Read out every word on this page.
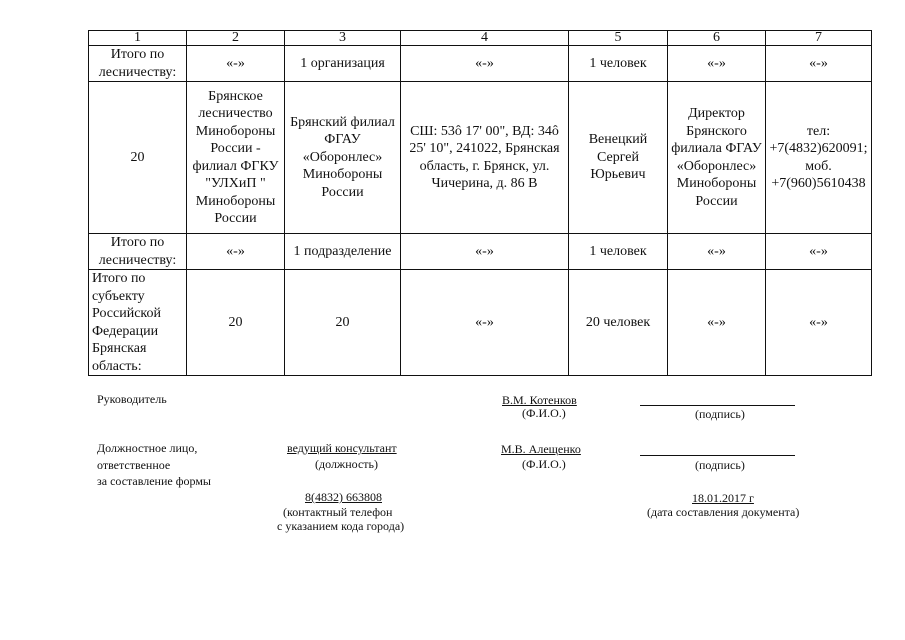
1	2	3	4	5	6	7
Итого по лесничеству:	«-»	1 организация	«-»	1 человек	«-»	«-»
20	Брянское лесничество Минобороны России - филиал ФГКУ "УЛХиП " Минобороны России	Брянский филиал ФГАУ «Оборонлес» Минобороны России	СШ: 53ô 17' 00", ВД: 34ô 25' 10", 241022, Брянская область, г. Брянск, ул. Чичерина, д. 86 В	Венецкий Сергей Юрьевич	Директор Брянского филиала ФГАУ «Оборонлес» Минобороны России	тел: +7(4832)620091;моб. +7(960)5610438
Итого по лесничеству:	«-»	1 подразделение	«-»	1 человек	«-»	«-»
Итого по субъекту Российской Федерации Брянская область:	20	20	«-»	20 человек	«-»	«-»
Руководитель	В.М. Котенков
(Ф.И.О.)	(подпись)
Должностное лицо,
ответственное
за составление формы
ведущий консультант
(должность)
М.В. Алещенко
(Ф.И.О.)	(подпись)
8(4832) 663808
(контактный телефон
с указанием кода города)
18.01.2017 г
(дата составления документа)
